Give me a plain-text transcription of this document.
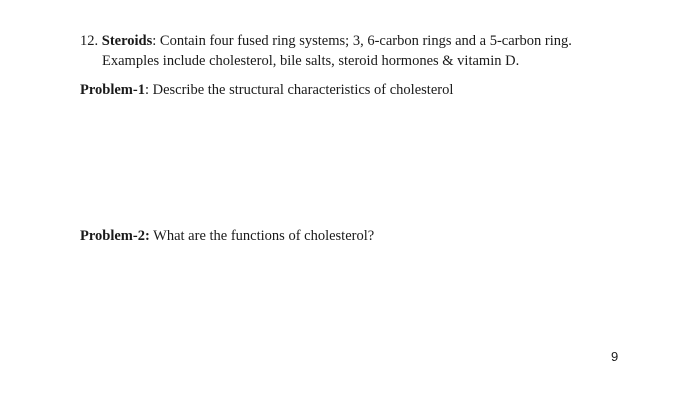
12. Steroids: Contain four fused ring systems; 3, 6-carbon rings and a 5-carbon ring.
Examples include cholesterol, bile salts, steroid hormones & vitamin D.
Problem-1: Describe the structural characteristics of cholesterol
Problem-2: What are the functions of cholesterol?
9
